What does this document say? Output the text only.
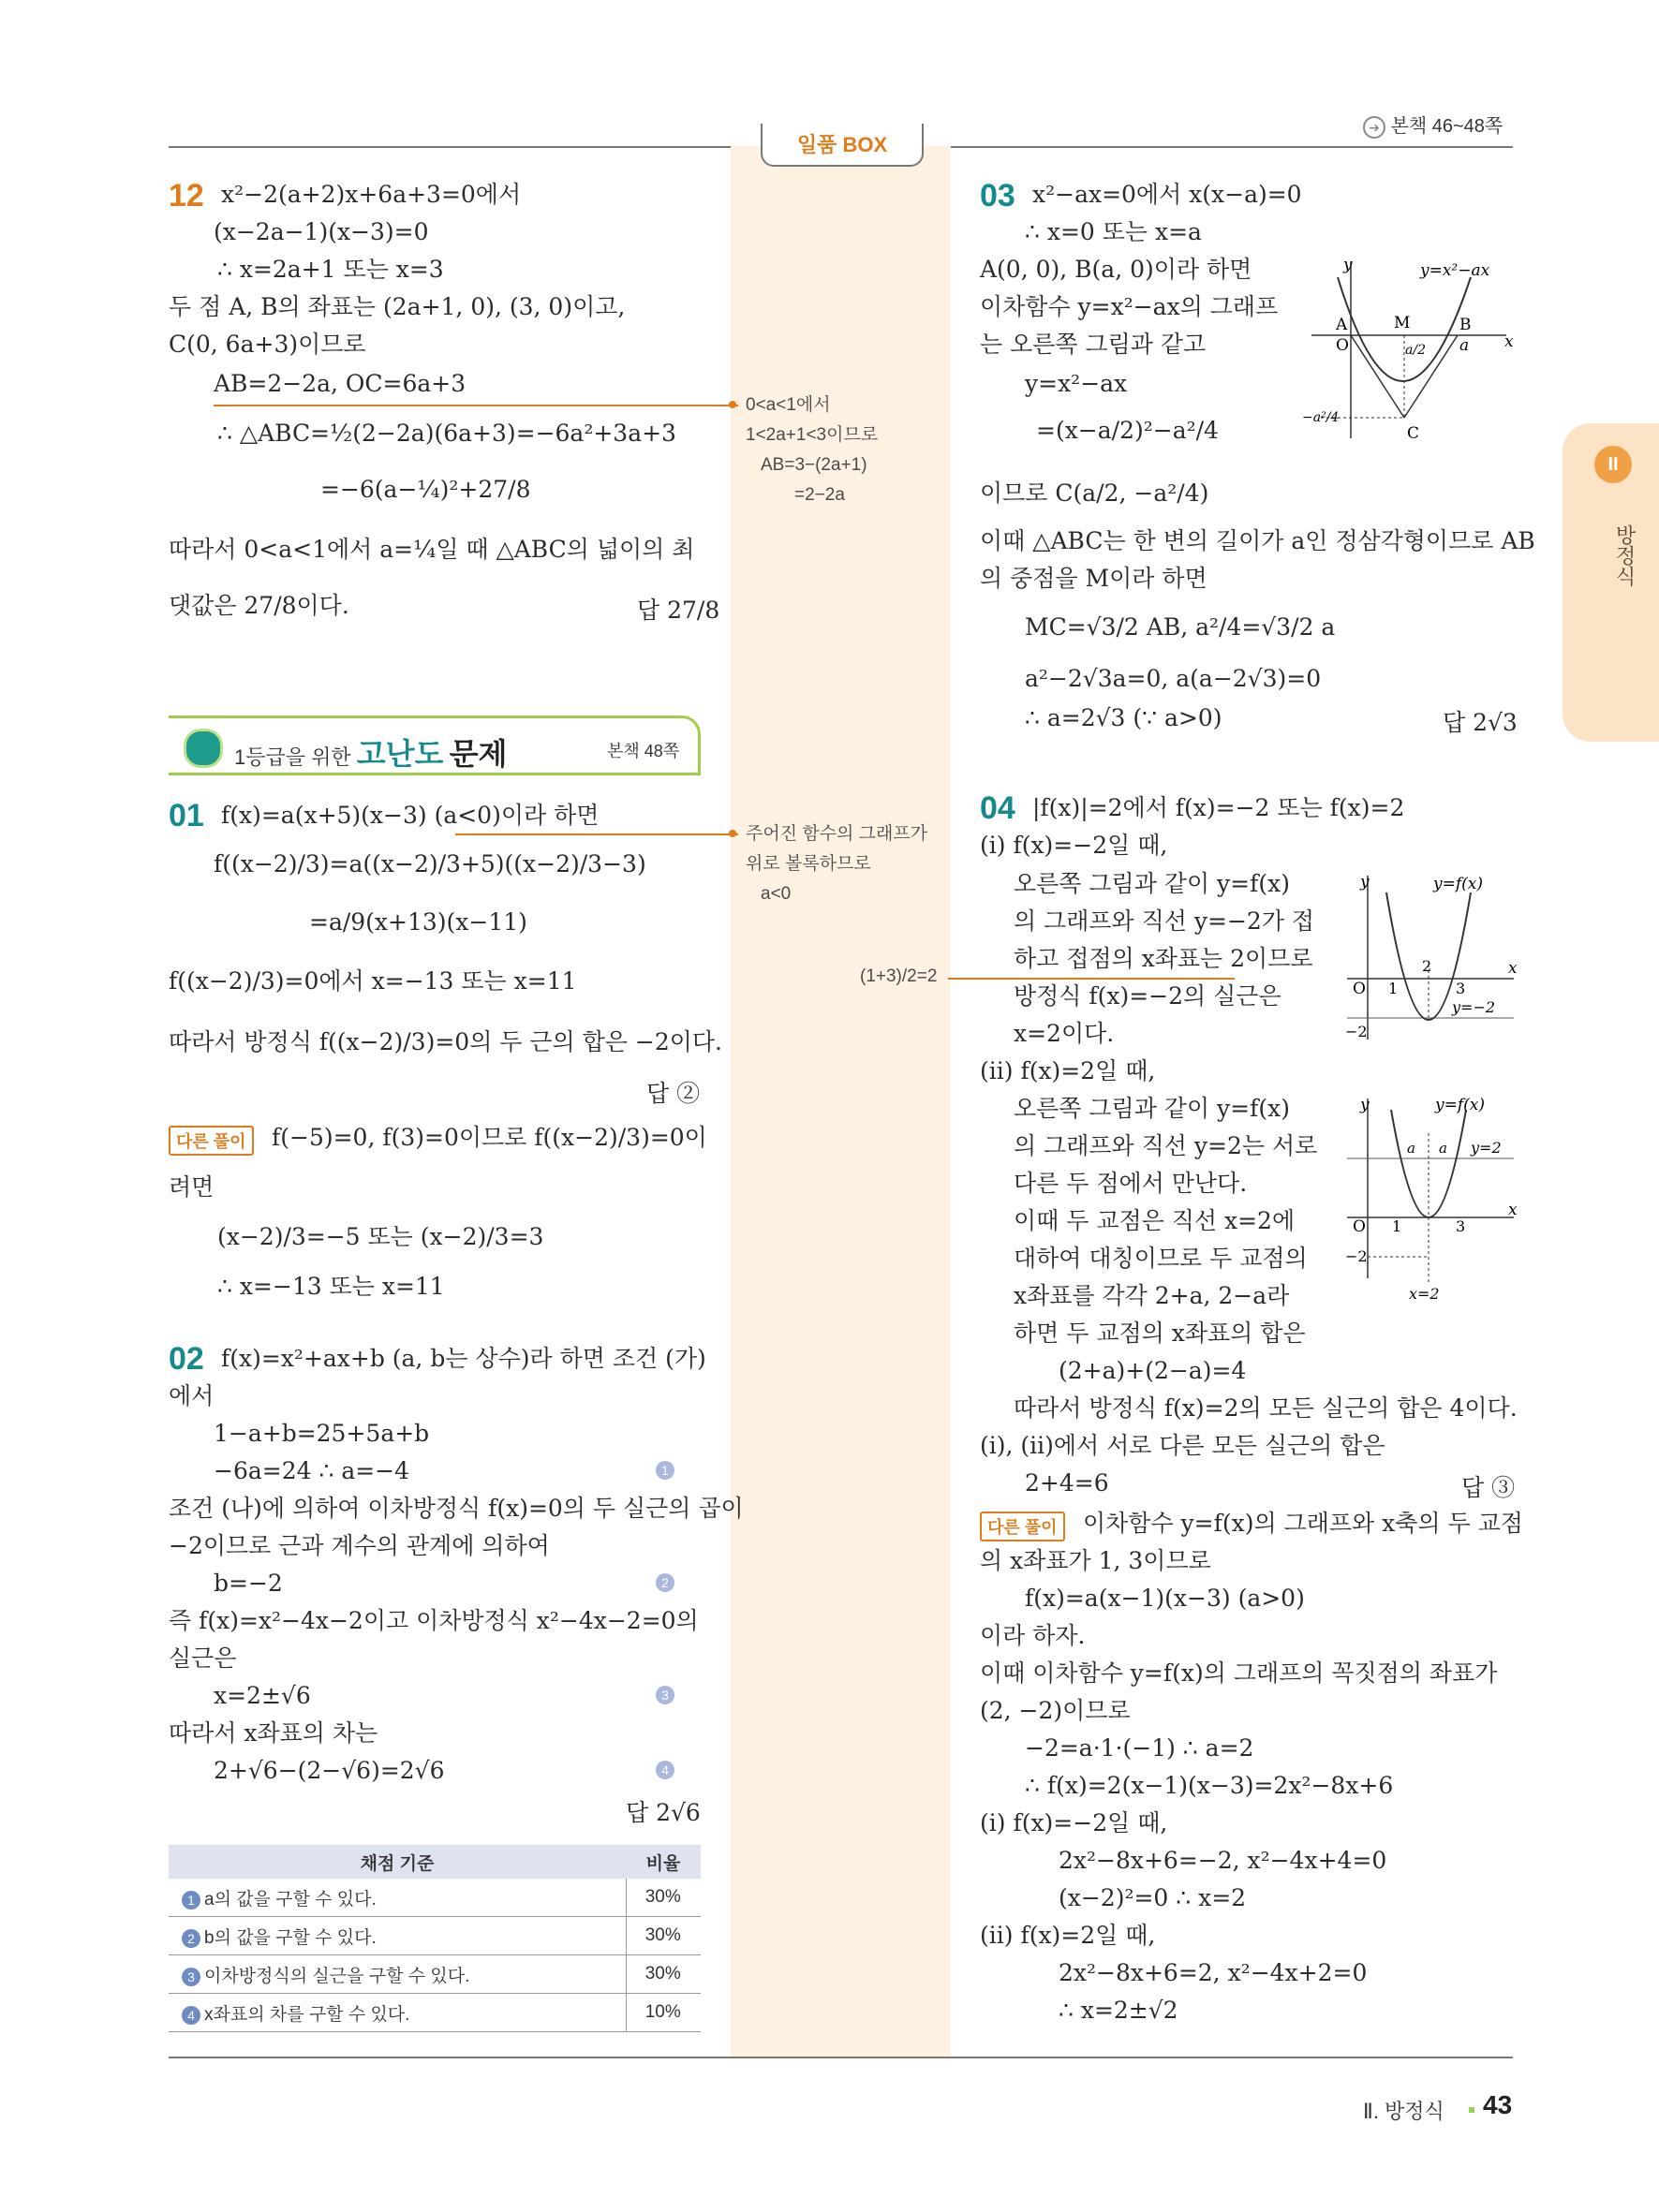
➔ 본책 46~48쪽
일품 BOX
12 x²−2(a+2)x+6a+3=0에서
(x−2a−1)(x−3)=0
∴ x=2a+1 또는 x=3
두 점 A, B의 좌표는 (2a+1, 0), (3, 0)이고,
C(0, 6a+3)이므로
AB=2−2a, OC=6a+3
∴ △ABC=½(2−2a)(6a+3)=−6a²+3a+3
=−6(a−¼)²+27/8
따라서 0<a<1에서 a=¼일 때 △ABC의 넓이의 최
댓값은 27/8이다.	답 27/8
1등급을 위한 고난도 문제	본책 48쪽
01 f(x)=a(x+5)(x−3) (a<0)이라 하면
f((x−2)/3)=a((x−2)/3+5)((x−2)/3−3)
=a/9(x+13)(x−11)
f((x−2)/3)=0에서 x=−13 또는 x=11
따라서 방정식 f((x−2)/3)=0의 두 근의 합은 −2이다.
답 ②
다른 풀이	f(−5)=0, f(3)=0이므로 f((x−2)/3)=0이
려면
(x−2)/3=−5 또는 (x−2)/3=3
∴ x=−13 또는 x=11
02 f(x)=x²+ax+b (a, b는 상수)라 하면 조건 (가)
에서
1−a+b=25+5a+b
−6a=24 ∴ a=−4	1
조건 (나)에 의하여 이차방정식 f(x)=0의 두 실근의 곱이
−2이므로 근과 계수의 관계에 의하여
b=−2	2
즉 f(x)=x²−4x−2이고 이차방정식 x²−4x−2=0의
실근은
x=2±√6	3
따라서 x좌표의 차는
2+√6−(2−√6)=2√6	4
답 2√6
채점 기준	비율
1 a의 값을 구할 수 있다.	30%
2 b의 값을 구할 수 있다.	30%
3 이차방정식의 실근을 구할 수 있다.	30%
4 x좌표의 차를 구할 수 있다.	10%
0<a<1에서
1<2a+1<3이므로
AB=3−(2a+1)
=2−2a
주어진 함수의 그래프가
위로 볼록하므로
a<0
(1+3)/2=2
03 x²−ax=0에서 x(x−a)=0
∴ x=0 또는 x=a
A(0, 0), B(a, 0)이라 하면
이차함수 y=x²−ax의 그래프
는 오른쪽 그림과 같고
y=x²−ax
=(x−a/2)²−a²/4
이므로 C(a/2, −a²/4)
이때 △ABC는 한 변의 길이가 a인 정삼각형이므로 AB
의 중점을 M이라 하면
MC=√3/2 AB, a²/4=√3/2 a
a²−2√3a=0, a(a−2√3)=0
∴ a=2√3 (∵ a>0)	답 2√3
x
y	y=x²−ax
A
O
M	B
C
a
a/2
−a²/4
04 |f(x)|=2에서 f(x)=−2 또는 f(x)=2
(i) f(x)=−2일 때,
오른쪽 그림과 같이 y=f(x)
의 그래프와 직선 y=−2가 접
하고 접점의 x좌표는 2이므로
방정식 f(x)=−2의 실근은
x=2이다.
(ii) f(x)=2일 때,
오른쪽 그림과 같이 y=f(x)
의 그래프와 직선 y=2는 서로
다른 두 점에서 만난다.
이때 두 교점은 직선 x=2에
대하여 대칭이므로 두 교점의
x좌표를 각각 2+a, 2−a라
하면 두 교점의 x좌표의 합은
(2+a)+(2−a)=4
따라서 방정식 f(x)=2의 모든 실근의 합은 4이다.
(i), (ii)에서 서로 다른 모든 실근의 합은
2+4=6	답 ③
다른 풀이	이차함수 y=f(x)의 그래프와 x축의 두 교점
의 x좌표가 1, 3이므로
f(x)=a(x−1)(x−3) (a>0)
이라 하자.
이때 이차함수 y=f(x)의 그래프의 꼭짓점의 좌표가
(2, −2)이므로
−2=a·1·(−1) ∴ a=2
∴ f(x)=2(x−1)(x−3)=2x²−8x+6
(i) f(x)=−2일 때,
2x²−8x+6=−2, x²−4x+4=0
(x−2)²=0 ∴ x=2
(ii) f(x)=2일 때,
2x²−8x+6=2, x²−4x+2=0
∴ x=2±√2
x
y	y=f(x)
O 1
2
3
−2
y=−2
x
y	y=f(x)
y=2
a a
O 1	3
−2
x=2
II
방정식
Ⅱ. 방정식 43
